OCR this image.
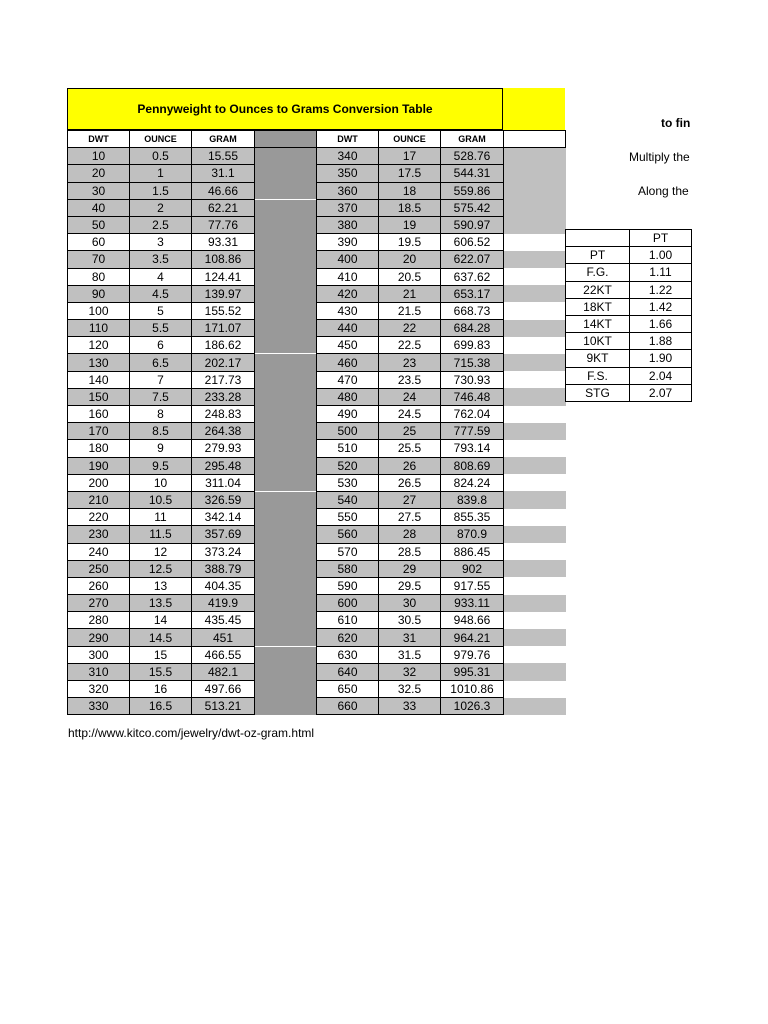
Pennyweight to Ounces to Grams Conversion Table
DWT	OUNCE	GRAM		DWT	OUNCE	GRAM	
10	0.5	15.55		340	17	528.76	
20	1	31.1		350	17.5	544.31	
30	1.5	46.66		360	18	559.86	
40	2	62.21		370	18.5	575.42	
50	2.5	77.76		380	19	590.97	
60	3	93.31		390	19.5	606.52	
70	3.5	108.86		400	20	622.07	
80	4	124.41		410	20.5	637.62	
90	4.5	139.97		420	21	653.17	
100	5	155.52		430	21.5	668.73	
110	5.5	171.07		440	22	684.28	
120	6	186.62		450	22.5	699.83	
130	6.5	202.17		460	23	715.38	
140	7	217.73		470	23.5	730.93	
150	7.5	233.28		480	24	746.48	
160	8	248.83		490	24.5	762.04	
170	8.5	264.38		500	25	777.59	
180	9	279.93		510	25.5	793.14	
190	9.5	295.48		520	26	808.69	
200	10	311.04		530	26.5	824.24	
210	10.5	326.59		540	27	839.8	
220	11	342.14		550	27.5	855.35	
230	11.5	357.69		560	28	870.9	
240	12	373.24		570	28.5	886.45	
250	12.5	388.79		580	29	902	
260	13	404.35		590	29.5	917.55	
270	13.5	419.9		600	30	933.11	
280	14	435.45		610	30.5	948.66	
290	14.5	451		620	31	964.21	
300	15	466.55		630	31.5	979.76	
310	15.5	482.1		640	32	995.31	
320	16	497.66		650	32.5	1010.86	
330	16.5	513.21		660	33	1026.3	
to fin
Multiply the
Along the
	PT
PT	1.00
F.G.	1.11
22KT	1.22
18KT	1.42
14KT	1.66
10KT	1.88
9KT	1.90
F.S.	2.04
STG	2.07
http://www.kitco.com/jewelry/dwt-oz-gram.html
